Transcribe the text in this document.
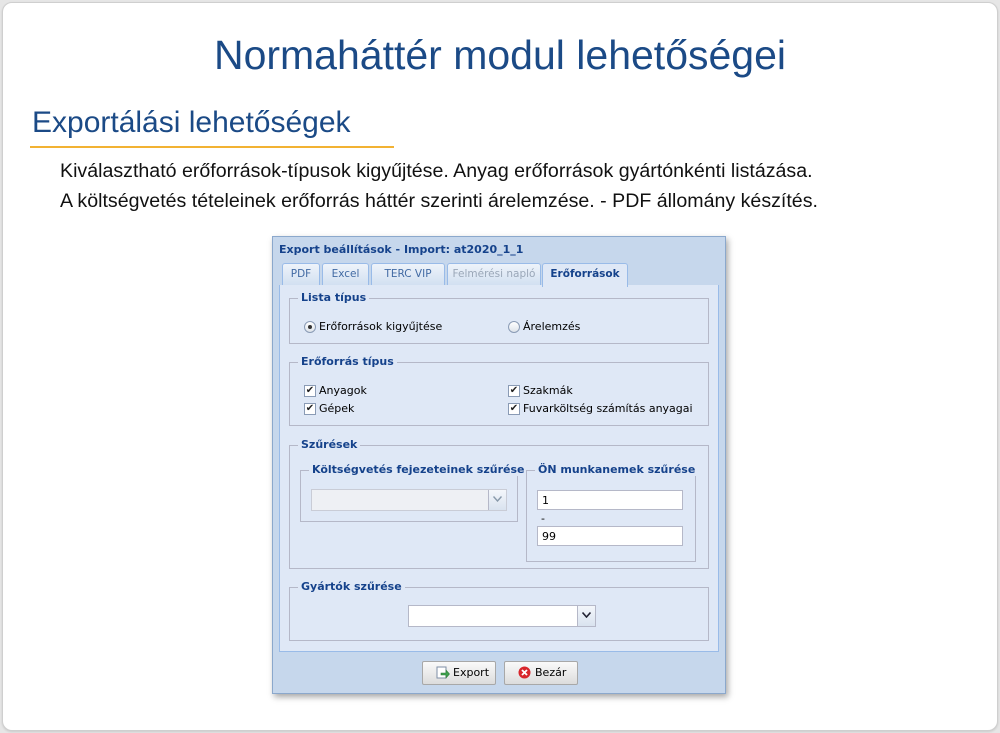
Normaháttér modul lehetőségei
Exportálási lehetőségek
Kiválasztható erőforrások-típusok kigyűjtése. Anyag erőforrások gyártónkénti listázása.
A költségvetés tételeinek erőforrás háttér szerinti árelemzése. - PDF állomány készítés.
Export beállítások - Import: at2020_1_1
PDF	Excel	TERC VIP	Felmérési napló	Erőforrások
Lista típus
Erőforrások kigyűjtése	Árelemzés
Erőforrás típus
✔ Anyagok	✔ Szakmák
✔ Gépek	✔ Fuvarköltség számítás anyagai
Szűrések
Költségvetés fejezeteinek szűrése ÖN munkanemek szűrése
1
-
99
Gyártók szűrése
Export	Bezár
